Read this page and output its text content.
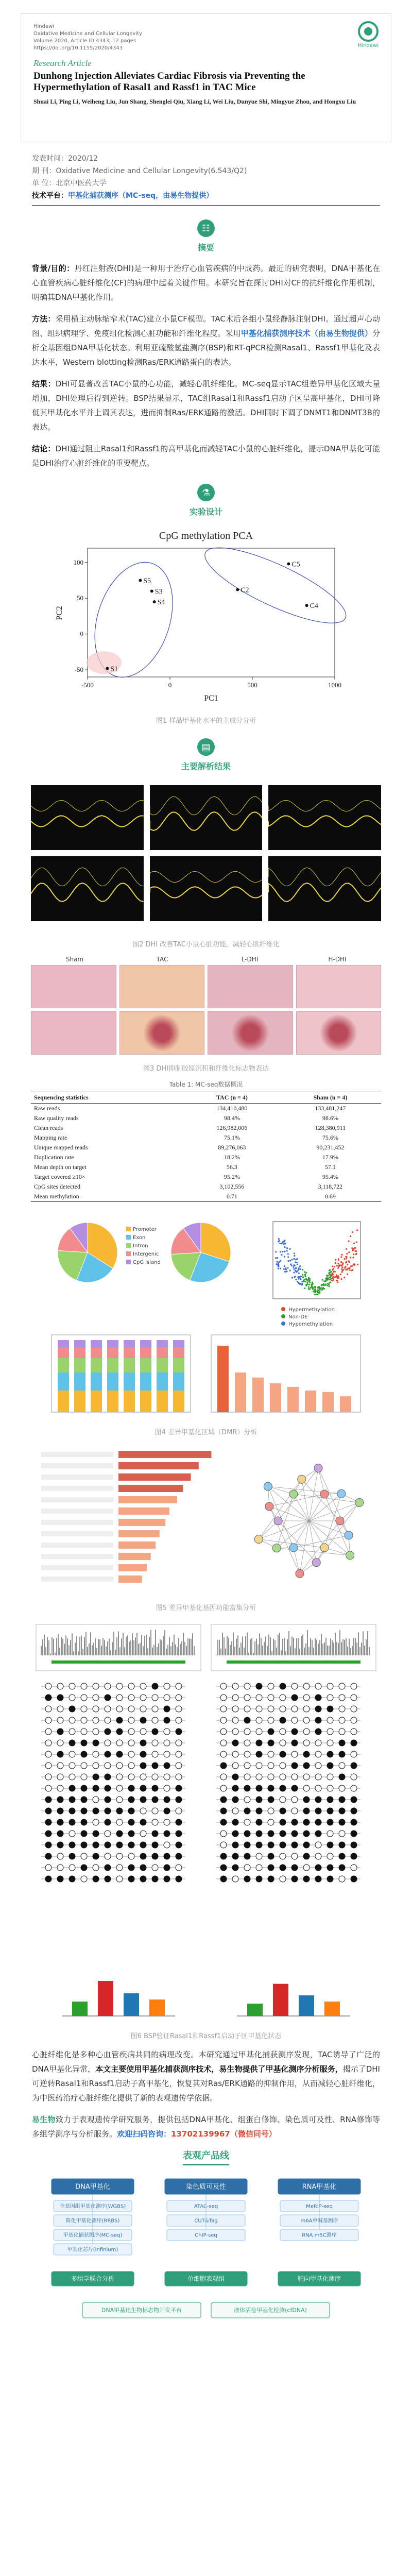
Hindawi
Oxidative Medicine and Cellular Longevity
Volume 2020, Article ID 4343, 12 pages
https://doi.org/10.1155/2020/4343	Hindawi
Research Article
Dunhong Injection Alleviates Cardiac Fibrosis via Preventing the Hypermethylation of Rasal1 and Rassf1 in TAC Mice
Shuai Li, Ping Li, Weiheng Liu, Jun Shang, Shenglei Qiu, Xiang Li, Wei Liu, Dunyue Shi, Mingyue Zhou, and Hongxu Liu
发表时间：2020/12
期 刊：Oxidative Medicine and Cellular Longevity(6.543/Q2)
单 位：北京中医药大学
技术平台：甲基化捕获测序（MC-seq，由易生物提供）
☷
摘要

背景/目的：丹红注射液(DHI)是一种用于治疗心血管疾病的中成药。最近的研究表明，DNA甲基化在心血管疾病心脏纤维化(CF)的病理中起着关键作用。本研究旨在探讨DHI对CF的抗纤维化作用机制，明确其DNA甲基化作用。

方法：采用横主动脉缩窄术(TAC)建立小鼠CF模型。TAC术后各组小鼠经静脉注射DHI。通过超声心动图、组织病理学、免疫组化检测心脏功能和纤维化程度。采用甲基化捕获测序技术（由易生物提供）分析全基因组DNA甲基化状态。利用亚硫酸氢盐测序(BSP)和RT-qPCR检测Rasal1、Rassf1甲基化及表达水平，Western blotting检测Ras/ERK通路蛋白的表达。

结果：DHI可显著改善TAC小鼠的心功能，减轻心肌纤维化。MC-seq显示TAC组差异甲基化区域大量增加，DHI处理后得到逆转。BSP结果显示，TAC组Rasal1和Rassf1启动子区呈高甲基化，DHI可降低其甲基化水平并上调其表达，进而抑制Ras/ERK通路的激活。DHI同时下调了DNMT1和DNMT3B的表达。

结论：DHI通过阻止Rasal1和Rassf1的高甲基化而减轻TAC小鼠的心脏纤维化，提示DNA甲基化可能是DHI治疗心脏纤维化的重要靶点。

⚗
实验设计
CpG methylation PCA
-500	0	500	1000
-50
0
50
100
C2
C4
C5
S3
S4
S5
S1
PC1
PC2
图1 样品甲基化水平的主成分分析
▤
主要解析结果
图2 DHI 改善TAC小鼠心脏功能，减轻心肌纤维化
Sham	TAC	L-DHI	H-DHI
图3 DHI抑制胶原沉积和纤维化标志物表达
Table 1: MC-seq数据概况
Sequencing statistics	TAC (n = 4)	Sham (n = 4)
Raw reads	134,410,480	133,481,247
Raw quality reads	98.4%	98.6%
Clean reads	126,982,006	128,380,911
Mapping rate	75.1%	75.6%
Unique mapped reads	89,276,063	90,231,452
Duplication rate	18.2%	17.9%
Mean depth on target	56.3	57.1
Target covered ≥10×	95.2%	95.4%
CpG sites detected	3,102,556	3,118,722
Mean methylation	0.71	0.69
Promoter
Exon
Intron
Intergenic
CpG island
Hypermethylation
Non-DE
Hypomethylation
图4 差异甲基化区域（DMR）分析
图5 差异甲基化基因功能富集分析
图6 BSP验证Rasal1和Rassf1启动子区甲基化状态

心脏纤维化是多种心血管疾病共同的病理改变。本研究通过甲基化捕获测序发现，TAC诱导了广泛的DNA甲基化异常，本文主要使用甲基化捕获测序技术，易生物提供了甲基化测序分析服务，揭示了DHI可逆转Rasal1和Rassf1启动子高甲基化，恢复其对Ras/ERK通路的抑制作用，从而减轻心脏纤维化，为中医药治疗心脏纤维化提供了新的表观遗传学依据。

易生物致力于表观遗传学研究服务，提供包括DNA甲基化、组蛋白修饰、染色质可及性、RNA修饰等多组学测序与分析服务。欢迎扫码咨询：13702139967（微信同号）

表观产品线
DNA甲基化	染色质可及性	RNA甲基化
全基因组甲基化测序(WGBS)
简化甲基化测序(RRBS)
甲基化捕获测序(MC-seq)
甲基化芯片(Infinium)
ATAC-seq
CUT&Tag
ChIP-seq
MeRIP-seq
m6A单碱基测序
RNA m5C测序
多组学联合分析	单细胞表观组	靶向甲基化测序
DNA甲基化生物标志物开发平台	液体活检甲基化检测(cfDNA)
